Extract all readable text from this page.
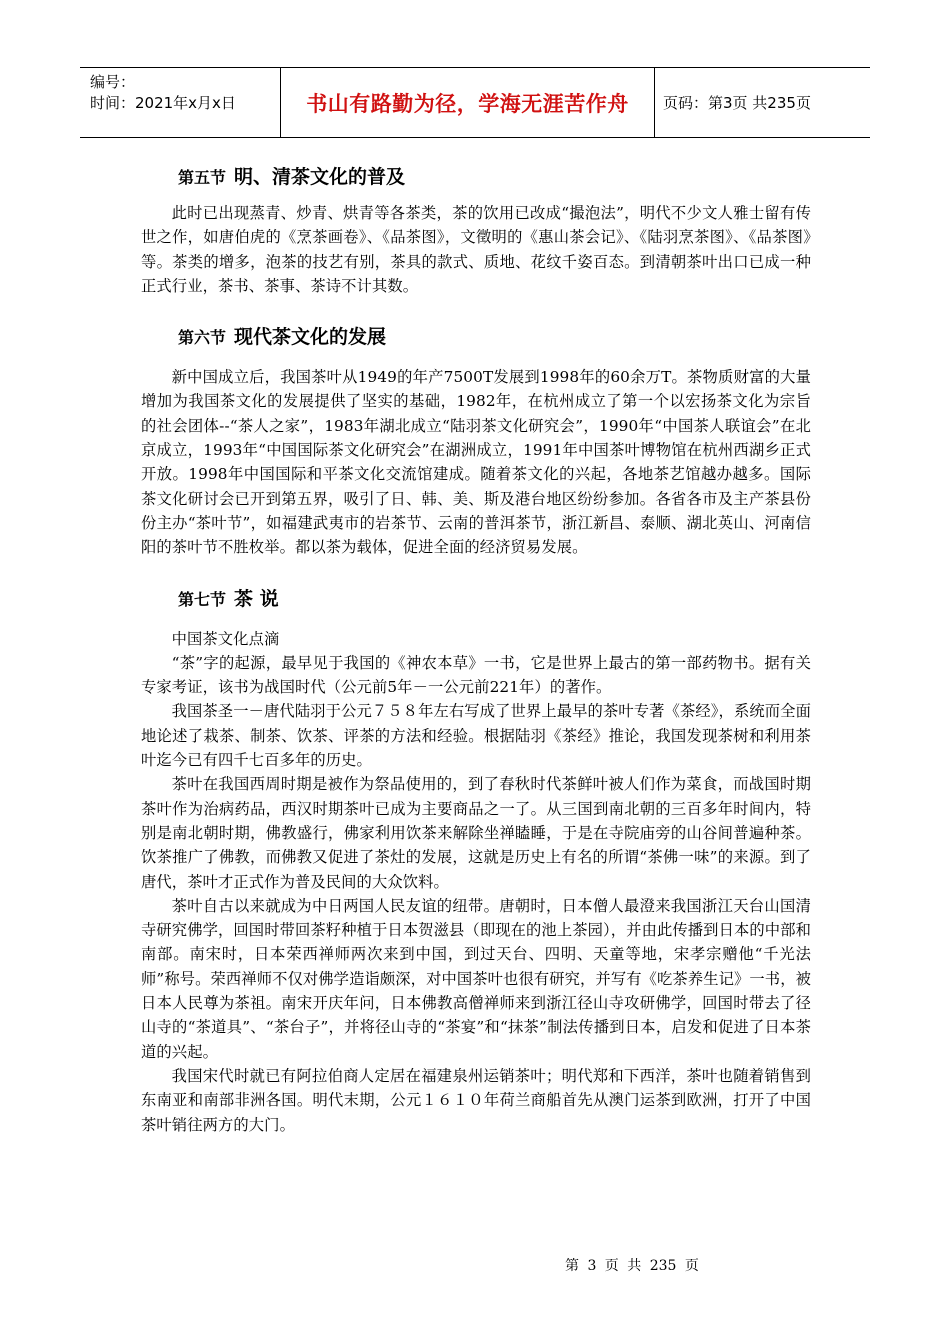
编号：
时间：2021年x月x日	书山有路勤为径，学海无涯苦作舟	页码：第3页 共235页
第五节 明、清茶文化的普及

此时已出现蒸青、炒青、烘青等各茶类，茶的饮用已改成“撮泡法”，明代不少文人雅士留有传世之作，如唐伯虎的《烹茶画卷》、《品茶图》，文徵明的《惠山茶会记》、《陆羽烹茶图》、《品茶图》等。茶类的增多，泡茶的技艺有别，茶具的款式、质地、花纹千姿百态。到清朝茶叶出口已成一种正式行业，茶书、茶事、茶诗不计其数。

第六节 现代茶文化的发展

新中国成立后，我国茶叶从1949的年产7500T发展到1998年的60余万T。茶物质财富的大量增加为我国茶文化的发展提供了坚实的基础，1982年，在杭州成立了第一个以宏扬茶文化为宗旨的社会团体--“茶人之家”，1983年湖北成立“陆羽茶文化研究会”，1990年“中国茶人联谊会”在北京成立，1993年“中国国际茶文化研究会”在湖洲成立，1991年中国茶叶博物馆在杭州西湖乡正式开放。1998年中国国际和平茶文化交流馆建成。随着茶文化的兴起，各地茶艺馆越办越多。国际茶文化研讨会已开到第五界，吸引了日、韩、美、斯及港台地区纷纷参加。各省各市及主产茶县份份主办“茶叶节”，如福建武夷市的岩茶节、云南的普洱茶节，浙江新昌、泰顺、湖北英山、河南信阳的茶叶节不胜枚举。都以茶为载体，促进全面的经济贸易发展。

第七节 茶 说

中国茶文化点滴

“茶”字的起源，最早见于我国的《神农本草》一书，它是世界上最古的第一部药物书。据有关专家考证，该书为战国时代（公元前5年－一公元前221年）的著作。

我国茶圣一－唐代陆羽于公元７５８年左右写成了世界上最早的茶叶专著《茶经》，系统而全面地论述了栽茶、制茶、饮茶、评茶的方法和经验。根据陆羽《茶经》推论，我国发现茶树和利用茶叶迄今已有四千七百多年的历史。

茶叶在我国西周时期是被作为祭品使用的，到了春秋时代茶鲜叶被人们作为菜食，而战国时期茶叶作为治病药品，西汉时期茶叶已成为主要商品之一了。从三国到南北朝的三百多年时间内，特别是南北朝时期，佛教盛行，佛家利用饮茶来解除坐禅瞌睡，于是在寺院庙旁的山谷间普遍种茶。饮茶推广了佛教，而佛教又促进了茶灶的发展，这就是历史上有名的所谓“茶佛一味”的来源。到了唐代，茶叶才正式作为普及民间的大众饮料。

茶叶自古以来就成为中日两国人民友谊的纽带。唐朝时，日本僧人最澄来我国浙江天台山国清寺研究佛学，回国时带回茶籽种植于日本贺滋县（即现在的池上茶园），并由此传播到日本的中部和南部。南宋时，日本荣西禅师两次来到中国，到过天台、四明、天童等地，宋孝宗赠他“千光法师”称号。荣西禅师不仅对佛学造诣颇深，对中国茶叶也很有研究，并写有《吃茶养生记》一书，被日本人民尊为茶祖。南宋开庆年问，日本佛教高僧禅师来到浙江径山寺攻研佛学，回国时带去了径山寺的“茶道具”、“茶台子”，并将径山寺的“茶宴”和“抹茶”制法传播到日本，启发和促进了日本茶道的兴起。

我国宋代时就已有阿拉伯商人定居在福建泉州运销茶叶；明代郑和下西洋，茶叶也随着销售到东南亚和南部非洲各国。明代末期，公元１６１０年荷兰商船首先从澳门运茶到欧洲，打开了中国茶叶销往两方的大门。

第 3 页 共 235 页
